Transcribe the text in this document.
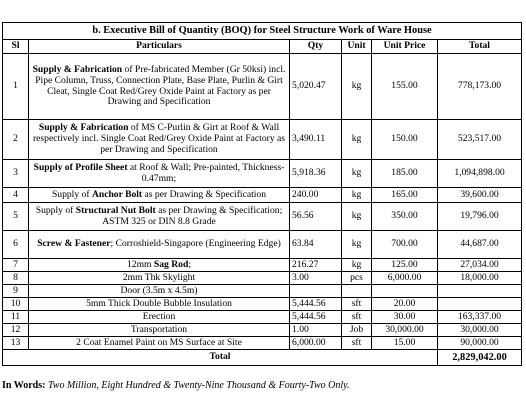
b. Executive Bill of Quantity (BOQ) for Steel Structure Work of Ware House
Sl	Particulars	Qty	Unit	Unit Price	Total
1	Supply & Fabrication of Pre-fabricated Member (Gr 50ksi) incl. Pipe Column, Truss, Connection Plate, Base Plate, Purlin & Girt Cleat, Single Coat Red/Grey Oxide Paint at Factory as per Drawing and Specification	5,020.47	kg	155.00	778,173.00
2	Supply & Fabrication of MS C-Purlin & Girt at Roof & Wall respectively incl. Single Coat Red/Grey Oxide Paint at Factory as per Drawing and Specification	3,490.11	kg	150.00	523,517.00
3	Supply of Profile Sheet at Roof & Wall; Pre-painted, Thickness-0.47mm;	5,918.36	kg	185.00	1,094,898.00
4	Supply of Anchor Bolt as per Drawing & Specification	240.00	kg	165.00	39,600.00
5	Supply of Structural Nut Bolt as per Drawing & Specification; ASTM 325 or DIN 8.8 Grade	56.56	kg	350.00	19,796.00
6	Screw & Fastener; Corroshield-Singapore (Engineering Edge)	63.84	kg	700.00	44,687.00
7	12mm Sag Rod;	216.27	kg	125.00	27,034.00
8	2mm Thk Skylight	3.00	pcs	6,000.00	18,000.00
9	Door (3.5m x 4.5m)				
10	5mm Thick Double Bubble Insulation	5,444.56	sft	20.00	
11	Erection	5,444.56	sft	30.00	163,337.00
12	Transportation	1.00	Job	30,000.00	30,000.00
13	2 Coat Enamel Paint on MS Surface at Site	6,000.00	sft	15.00	90,000.00
Total					2,829,042.00
In Words: Two Million, Eight Hundred & Twenty-Nine Thousand & Fourty-Two Only.
